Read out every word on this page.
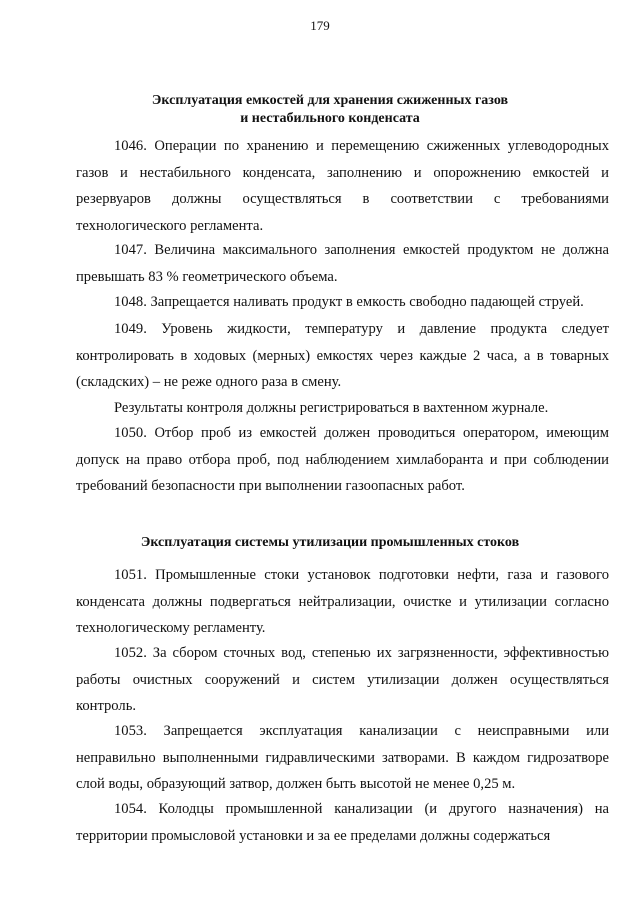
179
Эксплуатация емкостей для хранения сжиженных газов
и нестабильного конденсата

1046. Операции по хранению и перемещению сжиженных углеводородных газов и нестабильного конденсата, заполнению и опорожнению емкостей и резервуаров должны осуществляться в соответствии с требованиями технологического регламента.

1047. Величина максимального заполнения емкостей продуктом не должна превышать 83 % геометрического объема.

1048. Запрещается наливать продукт в емкость свободно падающей струей.

1049. Уровень жидкости, температуру и давление продукта следует контролировать в ходовых (мерных) емкостях через каждые 2 часа, а в товарных (складских) – не реже одного раза в смену.

Результаты контроля должны регистрироваться в вахтенном журнале.

1050. Отбор проб из емкостей должен проводиться оператором, имеющим допуск на право отбора проб, под наблюдением химлаборанта и при соблюдении требований безопасности при выполнении газоопасных работ.

Эксплуатация системы утилизации промышленных стоков

1051. Промышленные стоки установок подготовки нефти, газа и газового конденсата должны подвергаться нейтрализации, очистке и утилизации согласно технологическому регламенту.

1052. За сбором сточных вод, степенью их загрязненности, эффективностью работы очистных сооружений и систем утилизации должен осуществляться контроль.

1053. Запрещается эксплуатация канализации с неисправными или неправильно выполненными гидравлическими затворами. В каждом гидрозатворе слой воды, образующий затвор, должен быть высотой не менее 0,25 м.

1054. Колодцы промышленной канализации (и другого назначения) на территории промысловой установки и за ее пределами должны содержаться
